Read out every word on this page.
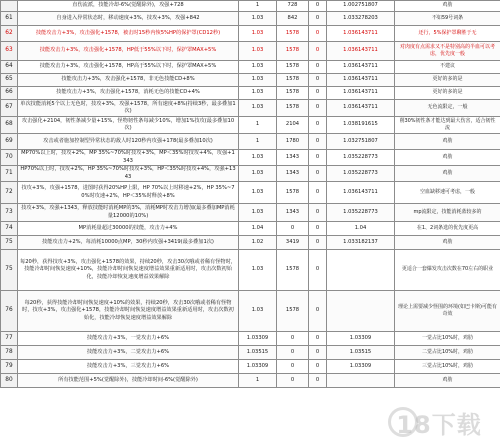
	直伤流派，技能冷却-6%(觉醒除外)，攻强+728	1	728	0	1.002751807	鸡肋
61	自身进入异常状态时，移动速度+3%，技攻+3%，攻强+842	1.03	842	0	1.033278203	不如59号词条
62	技能攻击力+3%，攻击强化+1578，被击时15秒内恢5%HP的保护罩(CD12秒)	1.03	1578	0	1.036143711	还行，5%保护罩聊胜于无
63	技能攻击力+3%，攻击强化+1578，HP低于55%以下时，保护罩MAX+5%	1.03	1578	0	1.036143711	对肉度有点需求又不是特别高的半血可以考虑，优先度一般
64	技能攻击力+3%，攻击强化+1578，HP高于55%以下时，保护罩MAX+5%	1.03	1578	0	1.036143711	不建议
65	技能攻击力+3%，攻击强化+1578，非无色技能CD+8%	1.03	1578	0	1.036143711	更好的多的是
66	技能攻击力+3%，攻击强化+1578，消耗无色的技能CD+4%	1.03	1578	0	1.036143711	更好的多的是
67	单次技能消耗5个以上无色时，技攻+3%，攻强+1578，所有速度+8%(持续3秒，最多叠加1次)	1.03	1578	0	1.036143711	无色流限定，一般
68	攻击强化+2104，韧性条减少量+15%，怪物韧性条每减少10%，增加1%技攻(最多叠加10次)	1	2104	0	1.038191615	削30%韧性条才能达到最大伤害，适合韧性流
69	攻击或者施加控制型异常状态的敌人时120秒内攻强+178(最多叠加10次)	1	1780	0	1.032751807	鸡肋
70	MP70%以上时，技攻+2%，MP 35%~70%时技攻+3%，MP＜35%时技攻+4%，攻强+1343	1.03	1343	0	1.035228773	鸡肋
71	HP70%以上时，技攻+2%，HP 35%~70%时技攻+3%，HP＜35%时技攻+4%，攻强+1343	1.03	1343	0	1.035228773	鸡肋
72	技攻+3%，攻强+1578，进图时获得20%HP上限，HP 70%以上时移速+2%，HP 35%~70%时攻速+2%，HP＜35%时释放+8%	1.03	1578	0	1.036143711	空血缺移速可考虑，一般
73	技攻+3%，攻强+1343，释放技能时消耗MP的3%，消耗MP时攻击力增加(最多叠加MP消耗量12000的10%)	1.03	1343	0	1.035228773	mp流限定，技能消耗蓝较多的
74	MP消耗量超过30000的技能，攻击力+4%	1.04	0	0	1.04	在1、2词条选的优先度更高
75	技能攻击力+2%，每消耗10000点MP，30秒内攻强+3419(最多叠加1次)	1.02	3419	0	1.033182137	鸡肋
75	每20秒，获得技攻+3%，攻击强化+1578的效果，持续20秒，攻击30次哦或者稀有怪物时，技能冷却时间恢复速度+10%，技能冷却时间恢复速度增益效果重新适用时，攻击次数初始化，技能冷却恢复速度增益效果解除	1.03	1578	0		更适合一套爆发攻击次数在70左右的职业
76	每20秒，获得技能冷却时间恢复速度+10%的效果，持续20秒，攻击30次哦或者稀有怪物时，技攻+3%，攻击强化+1578，技能冷却时间恢复速度增益效果重新适用时，攻击次数初始化，技能冷却恢复速度增益效果解除	1.03	1578	0		理论上需要减少怪围的环境(如巴卡斯)可能有奇效
77	技能攻击力+3%，一觉攻击力+6%	1.03309	0	0	1.03309	一觉占比10%时，鸡肋
78	技能攻击力+3%，二觉攻击力+6%	1.03515	0	0	1.03515	二觉占比10%时，鸡肋
79	技能攻击力+3%，三觉攻击力+6%	1.03309	0	0	1.03309	三觉占比10%时，鸡肋
80	所有技能范围+5%(觉醒除外)，技能冷却时间-6%(觉醒除外)	1	0	0		鸡肋
18下载
